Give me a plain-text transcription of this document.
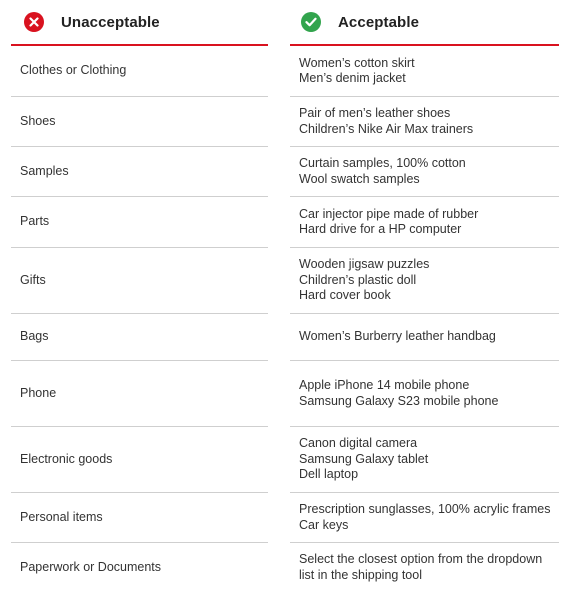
Unacceptable
Clothes or Clothing
Shoes
Samples
Parts
Gifts
Bags
Phone
Electronic goods
Personal items
Paperwork or Documents
Acceptable
Women’s cotton skirt
Men’s denim jacket
Pair of men’s leather shoes
Children’s Nike Air Max trainers
Curtain samples, 100% cotton
Wool swatch samples
Car injector pipe made of rubber
Hard drive for a HP computer
Wooden jigsaw puzzles
Children’s plastic doll
Hard cover book
Women’s Burberry leather handbag
Apple iPhone 14 mobile phone
Samsung Galaxy S23 mobile phone
Canon digital camera
Samsung Galaxy tablet
Dell laptop
Prescription sunglasses, 100% acrylic frames
Car keys
Select the closest option from the dropdown
list in the shipping tool
